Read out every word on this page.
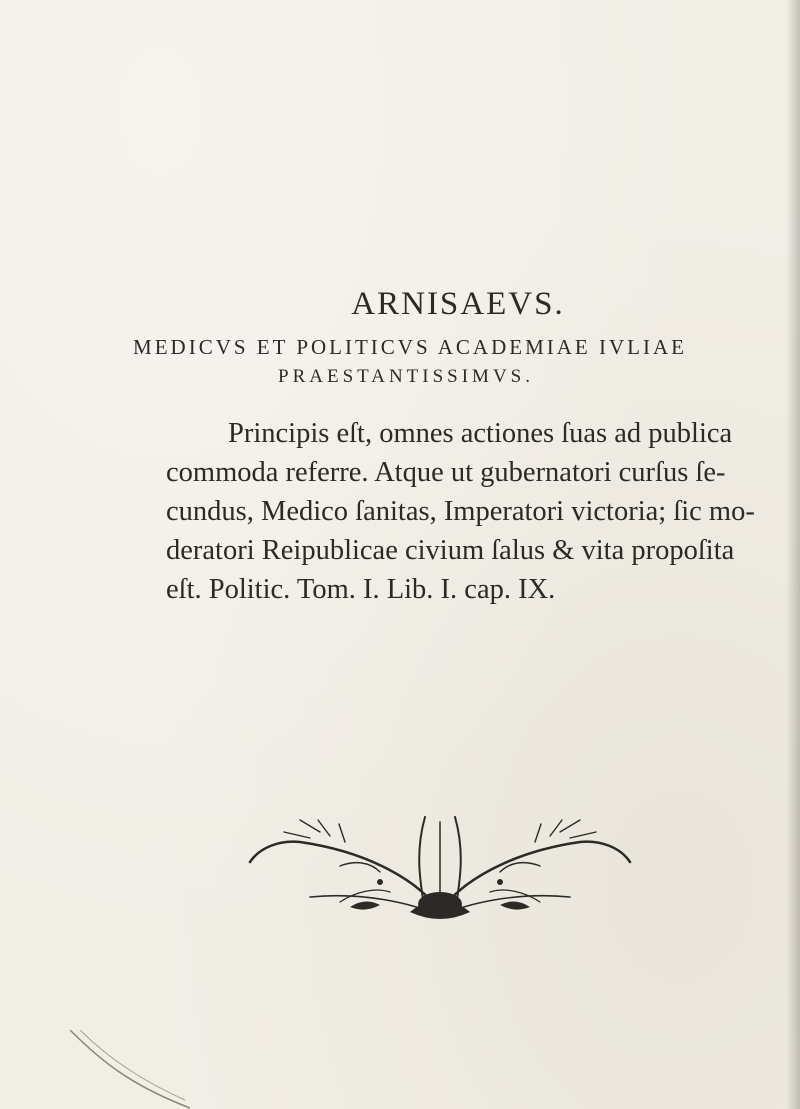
ARNISAEVS.
MEDICVS ET POLITICVS ACADEMIAE IVLIAE
PRAESTANTISSIMVS.
Principis eſt, omnes actiones ſuas ad publica
commoda referre. Atque ut gubernatori curſus ſe-
cundus, Medico ſanitas, Imperatori victoria; ſic mo-
deratori Reipublicae civium ſalus & vita propoſita
eſt. Politic. Tom. I. Lib. I. cap. IX.
